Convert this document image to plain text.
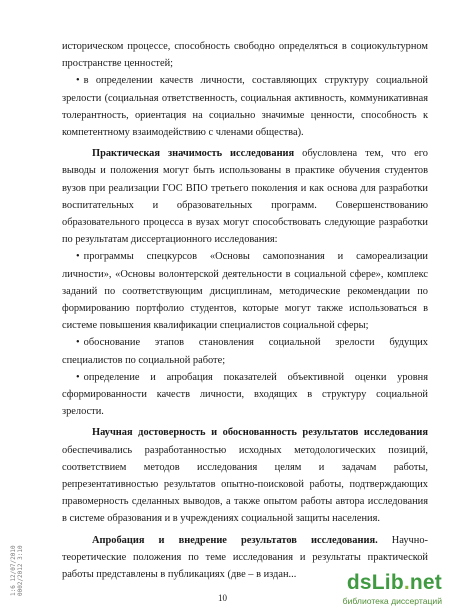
историческом процессе, способность свободно определяться в социокультурном пространстве ценностей;

• в определении качеств личности, составляющих структуру социальной зрелости (социальная ответственность, социальная активность, коммуникативная толерантность, ориентация на социально значимые ценности, способность к компетентному взаимодействию с членами общества).

Практическая значимость исследования обусловлена тем, что его выводы и положения могут быть использованы в практике обучения студентов вузов при реализации ГОС ВПО третьего поколения и как основа для разработки воспитательных и образовательных программ. Совершенствованию образовательного процесса в вузах могут способствовать следующие разработки по результатам диссертационного исследования:

• программы спецкурсов «Основы самопознания и самореализации личности», «Основы волонтерской деятельности в социальной сфере», комплекс заданий по соответствующим дисциплинам, методические рекомендации по формированию портфолио студентов, которые могут также использоваться в системе повышения квалификации специалистов социальной сферы;

• обоснование этапов становления социальной зрелости будущих специалистов по социальной работе;

• определение и апробация показателей объективной оценки уровня сформированности качеств личности, входящих в структуру социальной зрелости.

Научная достоверность и обоснованность результатов исследования обеспечивались разработанностью исходных методологических позиций, соответствием методов исследования целям и задачам работы, репрезентативностью результатов опытно-поисковой работы, подтверждающих правомерность сделанных выводов, а также опытом работы автора исследования в системе образования и в учреждениях социальной защиты населения.

Апробация и внедрение результатов исследования. Научно-теоретические положения по теме исследования и результаты практической работы представлены в публикациях (две – в издан...

10
1:6 12/07/2010 0002/2012 3:10	dsLib.net
библиотека диссертаций
